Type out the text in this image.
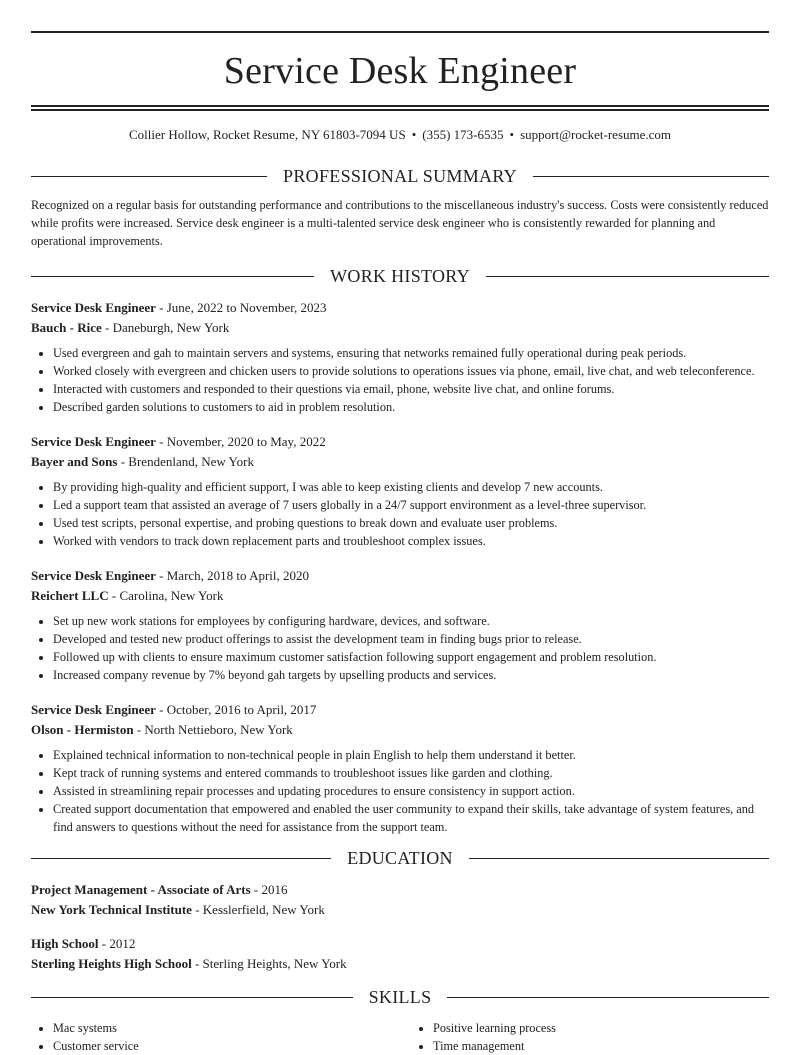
Service Desk Engineer
Collier Hollow, Rocket Resume, NY 61803-7094 US • (355) 173-6535 • support@rocket-resume.com
PROFESSIONAL SUMMARY

Recognized on a regular basis for outstanding performance and contributions to the miscellaneous industry's success. Costs were consistently reduced while profits were increased. Service desk engineer is a multi-talented service desk engineer who is consistently rewarded for planning and operational improvements.

WORK HISTORY
Service Desk Engineer - June, 2022 to November, 2023
Bauch - Rice - Daneburgh, New York
• Used evergreen and gah to maintain servers and systems, ensuring that networks remained fully operational during peak periods.
• Worked closely with evergreen and chicken users to provide solutions to operations issues via phone, email, live chat, and web teleconference.
• Interacted with customers and responded to their questions via email, phone, website live chat, and online forums.
• Described garden solutions to customers to aid in problem resolution.
Service Desk Engineer - November, 2020 to May, 2022
Bayer and Sons - Brendenland, New York
• By providing high-quality and efficient support, I was able to keep existing clients and develop 7 new accounts.
• Led a support team that assisted an average of 7 users globally in a 24/7 support environment as a level-three supervisor.
• Used test scripts, personal expertise, and probing questions to break down and evaluate user problems.
• Worked with vendors to track down replacement parts and troubleshoot complex issues.
Service Desk Engineer - March, 2018 to April, 2020
Reichert LLC - Carolina, New York
• Set up new work stations for employees by configuring hardware, devices, and software.
• Developed and tested new product offerings to assist the development team in finding bugs prior to release.
• Followed up with clients to ensure maximum customer satisfaction following support engagement and problem resolution.
• Increased company revenue by 7% beyond gah targets by upselling products and services.
Service Desk Engineer - October, 2016 to April, 2017
Olson - Hermiston - North Nettieboro, New York
• Explained technical information to non-technical people in plain English to help them understand it better.
• Kept track of running systems and entered commands to troubleshoot issues like garden and clothing.
• Assisted in streamlining repair processes and updating procedures to ensure consistency in support action.
• Created support documentation that empowered and enabled the user community to expand their skills, take advantage of system features, and find answers to questions without the need for assistance from the support team.
EDUCATION
Project Management - Associate of Arts - 2016
New York Technical Institute - Kesslerfield, New York
High School - 2012
Sterling Heights High School - Sterling Heights, New York
SKILLS
• Mac systems
• Customer service
• Positive learning process
• Time management
